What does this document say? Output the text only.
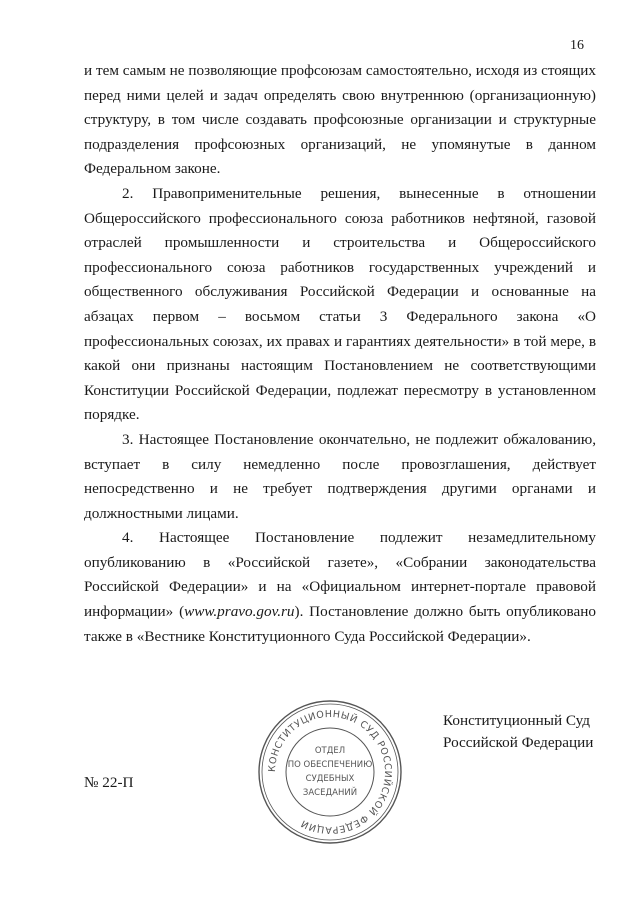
16

и тем самым не позволяющие профсоюзам самостоятельно, исходя из стоящих перед ними целей и задач определять свою внутреннюю (организационную) структуру, в том числе создавать профсоюзные организации и структурные подразделения профсоюзных организаций, не упомянутые в данном Федеральном законе.

2. Правоприменительные решения, вынесенные в отношении Общероссийского профессионального союза работников нефтяной, газовой отраслей промышленности и строительства и Общероссийского профессионального союза работников государственных учреждений и общественного обслуживания Российской Федерации и основанные на абзацах первом – восьмом статьи 3 Федерального закона «О профессиональных союзах, их правах и гарантиях деятельности» в той мере, в какой они признаны настоящим Постановлением не соответствующими Конституции Российской Федерации, подлежат пересмотру в установленном порядке.

3. Настоящее Постановление окончательно, не подлежит обжалованию, вступает в силу немедленно после провозглашения, действует непосредственно и не требует подтверждения другими органами и должностными лицами.

4. Настоящее Постановление подлежит незамедлительному опубликованию в «Российской газете», «Собрании законодательства Российской Федерации» и на «Официальном интернет-портале правовой информации» (www.pravo.gov.ru). Постановление должно быть опубликовано также в «Вестнике Конституционного Суда Российской Федерации».

КОНСТИТУЦИОННЫЙ СУД РОССИЙСКОЙ ФЕДЕРАЦИИ
ОТДЕЛ
ПО ОБЕСПЕЧЕНИЮ
СУДЕБНЫХ
ЗАСЕДАНИЙ
Конституционный Суд
Российской Федерации
№ 22-П
